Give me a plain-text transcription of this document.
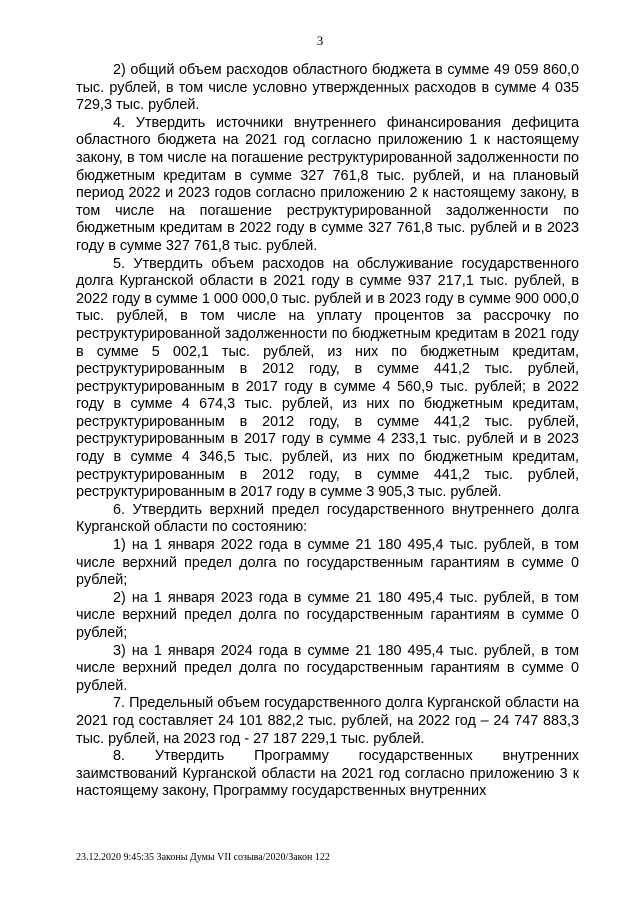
3

2) общий объем расходов областного бюджета в сумме 49 059 860,0 тыс. рублей, в том числе условно утвержденных расходов в сумме 4 035 729,3 тыс. рублей.

4. Утвердить источники внутреннего финансирования дефицита областного бюджета на 2021 год согласно приложению 1 к настоящему закону, в том числе на погашение реструктурированной задолженности по бюджетным кредитам в сумме 327 761,8 тыс. рублей, и на плановый период 2022 и 2023 годов согласно приложению 2 к настоящему закону, в том числе на погашение реструктурированной задолженности по бюджетным кредитам в 2022 году в сумме 327 761,8 тыс. рублей и в 2023 году в сумме 327 761,8 тыс. рублей.

5. Утвердить объем расходов на обслуживание государственного долга Курганской области в 2021 году в сумме 937 217,1 тыс. рублей, в 2022 году в сумме 1 000 000,0 тыс. рублей и в 2023 году в сумме 900 000,0 тыс. рублей, в том числе на уплату процентов за рассрочку по реструктурированной задолженности по бюджетным кредитам в 2021 году в сумме 5 002,1 тыс. рублей, из них по бюджетным кредитам, реструктурированным в 2012 году, в сумме 441,2 тыс. рублей, реструктурированным в 2017 году в сумме 4 560,9 тыс. рублей; в 2022 году в сумме 4 674,3 тыс. рублей, из них по бюджетным кредитам, реструктурированным в 2012 году, в сумме 441,2 тыс. рублей, реструктурированным в 2017 году в сумме 4 233,1 тыс. рублей и в 2023 году в сумме 4 346,5 тыс. рублей, из них по бюджетным кредитам, реструктурированным в 2012 году, в сумме 441,2 тыс. рублей, реструктурированным в 2017 году в сумме 3 905,3 тыс. рублей.

6. Утвердить верхний предел государственного внутреннего долга Курганской области по состоянию:

1) на 1 января 2022 года в сумме 21 180 495,4 тыс. рублей, в том числе верхний предел долга по государственным гарантиям в сумме 0 рублей;

2) на 1 января 2023 года в сумме 21 180 495,4 тыс. рублей, в том числе верхний предел долга по государственным гарантиям в сумме 0 рублей;

3) на 1 января 2024 года в сумме 21 180 495,4 тыс. рублей, в том числе верхний предел долга по государственным гарантиям в сумме 0 рублей.

7. Предельный объем государственного долга Курганской области на 2021 год составляет 24 101 882,2 тыс. рублей, на 2022 год – 24 747 883,3 тыс. рублей, на 2023 год - 27 187 229,1 тыс. рублей.

8. Утвердить Программу государственных внутренних заимствований Курганской области на 2021 год согласно приложению 3 к настоящему закону, Программу государственных внутренних

23.12.2020 9:45:35 Законы Думы VII созыва/2020/Закон 122
